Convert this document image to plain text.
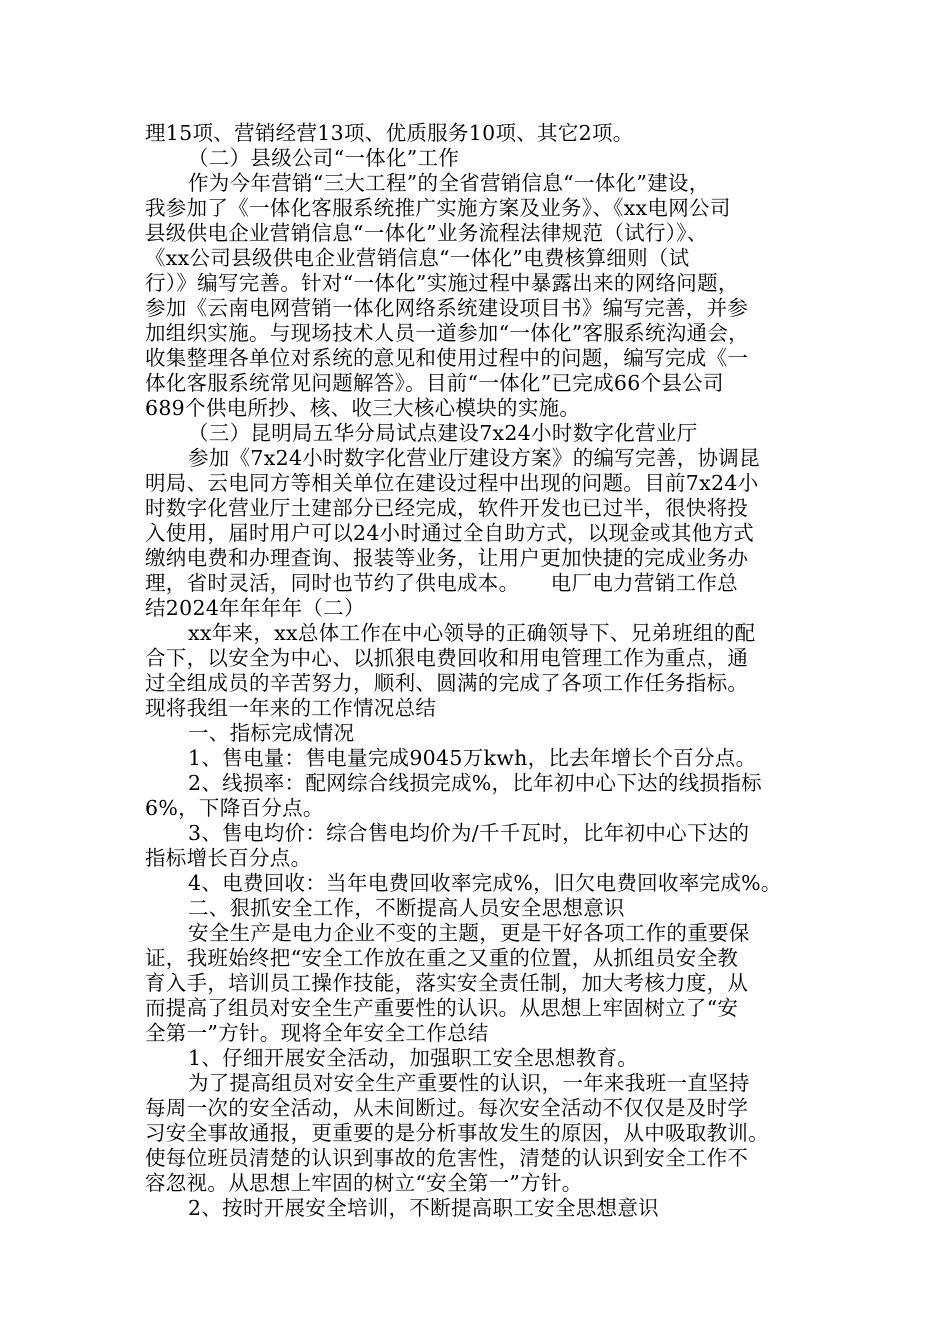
理15项、营销经营13项、优质服务10项、其它2项。
（二）县级公司“一体化”工作
作为今年营销“三大工程”的全省营销信息“一体化”建设，
我参加了《一体化客服系统推广实施方案及业务》、《xx电网公司
县级供电企业营销信息“一体化”业务流程法律规范（试行）》、
《xx公司县级供电企业营销信息“一体化”电费核算细则（试
行）》编写完善。针对“一体化”实施过程中暴露出来的网络问题，
参加《云南电网营销一体化网络系统建设项目书》编写完善，并参
加组织实施。与现场技术人员一道参加“一体化”客服系统沟通会，
收集整理各单位对系统的意见和使用过程中的问题，编写完成《一
体化客服系统常见问题解答》。目前“一体化”已完成66个县公司
689个供电所抄、核、收三大核心模块的实施。
（三）昆明局五华分局试点建设7x24小时数字化营业厅
参加《7x24小时数字化营业厅建设方案》的编写完善，协调昆
明局、云电同方等相关单位在建设过程中出现的问题。目前7x24小
时数字化营业厅土建部分已经完成，软件开发也已过半，很快将投
入使用，届时用户可以24小时通过全自助方式，以现金或其他方式
缴纳电费和办理查询、报装等业务，让用户更加快捷的完成业务办
理，省时灵活，同时也节约了供电成本。　　电厂电力营销工作总
结2024年年年年（二）
xx年来，xx总体工作在中心领导的正确领导下、兄弟班组的配
合下，以安全为中心、以抓狠电费回收和用电管理工作为重点，通
过全组成员的辛苦努力，顺利、圆满的完成了各项工作任务指标。
现将我组一年来的工作情况总结
一、指标完成情况
1、售电量：售电量完成9045万kwh，比去年增长个百分点。
2、线损率：配网综合线损完成%，比年初中心下达的线损指标
6%，下降百分点。
3、售电均价：综合售电均价为/千千瓦时，比年初中心下达的
指标增长百分点。
4、电费回收：当年电费回收率完成%，旧欠电费回收率完成%。
二、狠抓安全工作，不断提高人员安全思想意识
安全生产是电力企业不变的主题，更是干好各项工作的重要保
证，我班始终把“安全工作放在重之又重的位置，从抓组员安全教
育入手，培训员工操作技能，落实安全责任制，加大考核力度，从
而提高了组员对安全生产重要性的认识。从思想上牢固树立了“安
全第一”方针。现将全年安全工作总结
1、仔细开展安全活动，加强职工安全思想教育。
为了提高组员对安全生产重要性的认识，一年来我班一直坚持
每周一次的安全活动，从未间断过。每次安全活动不仅仅是及时学
习安全事故通报，更重要的是分析事故发生的原因，从中吸取教训。
使每位班员清楚的认识到事故的危害性，清楚的认识到安全工作不
容忽视。从思想上牢固的树立“安全第一”方针。
2、按时开展安全培训，不断提高职工安全思想意识
